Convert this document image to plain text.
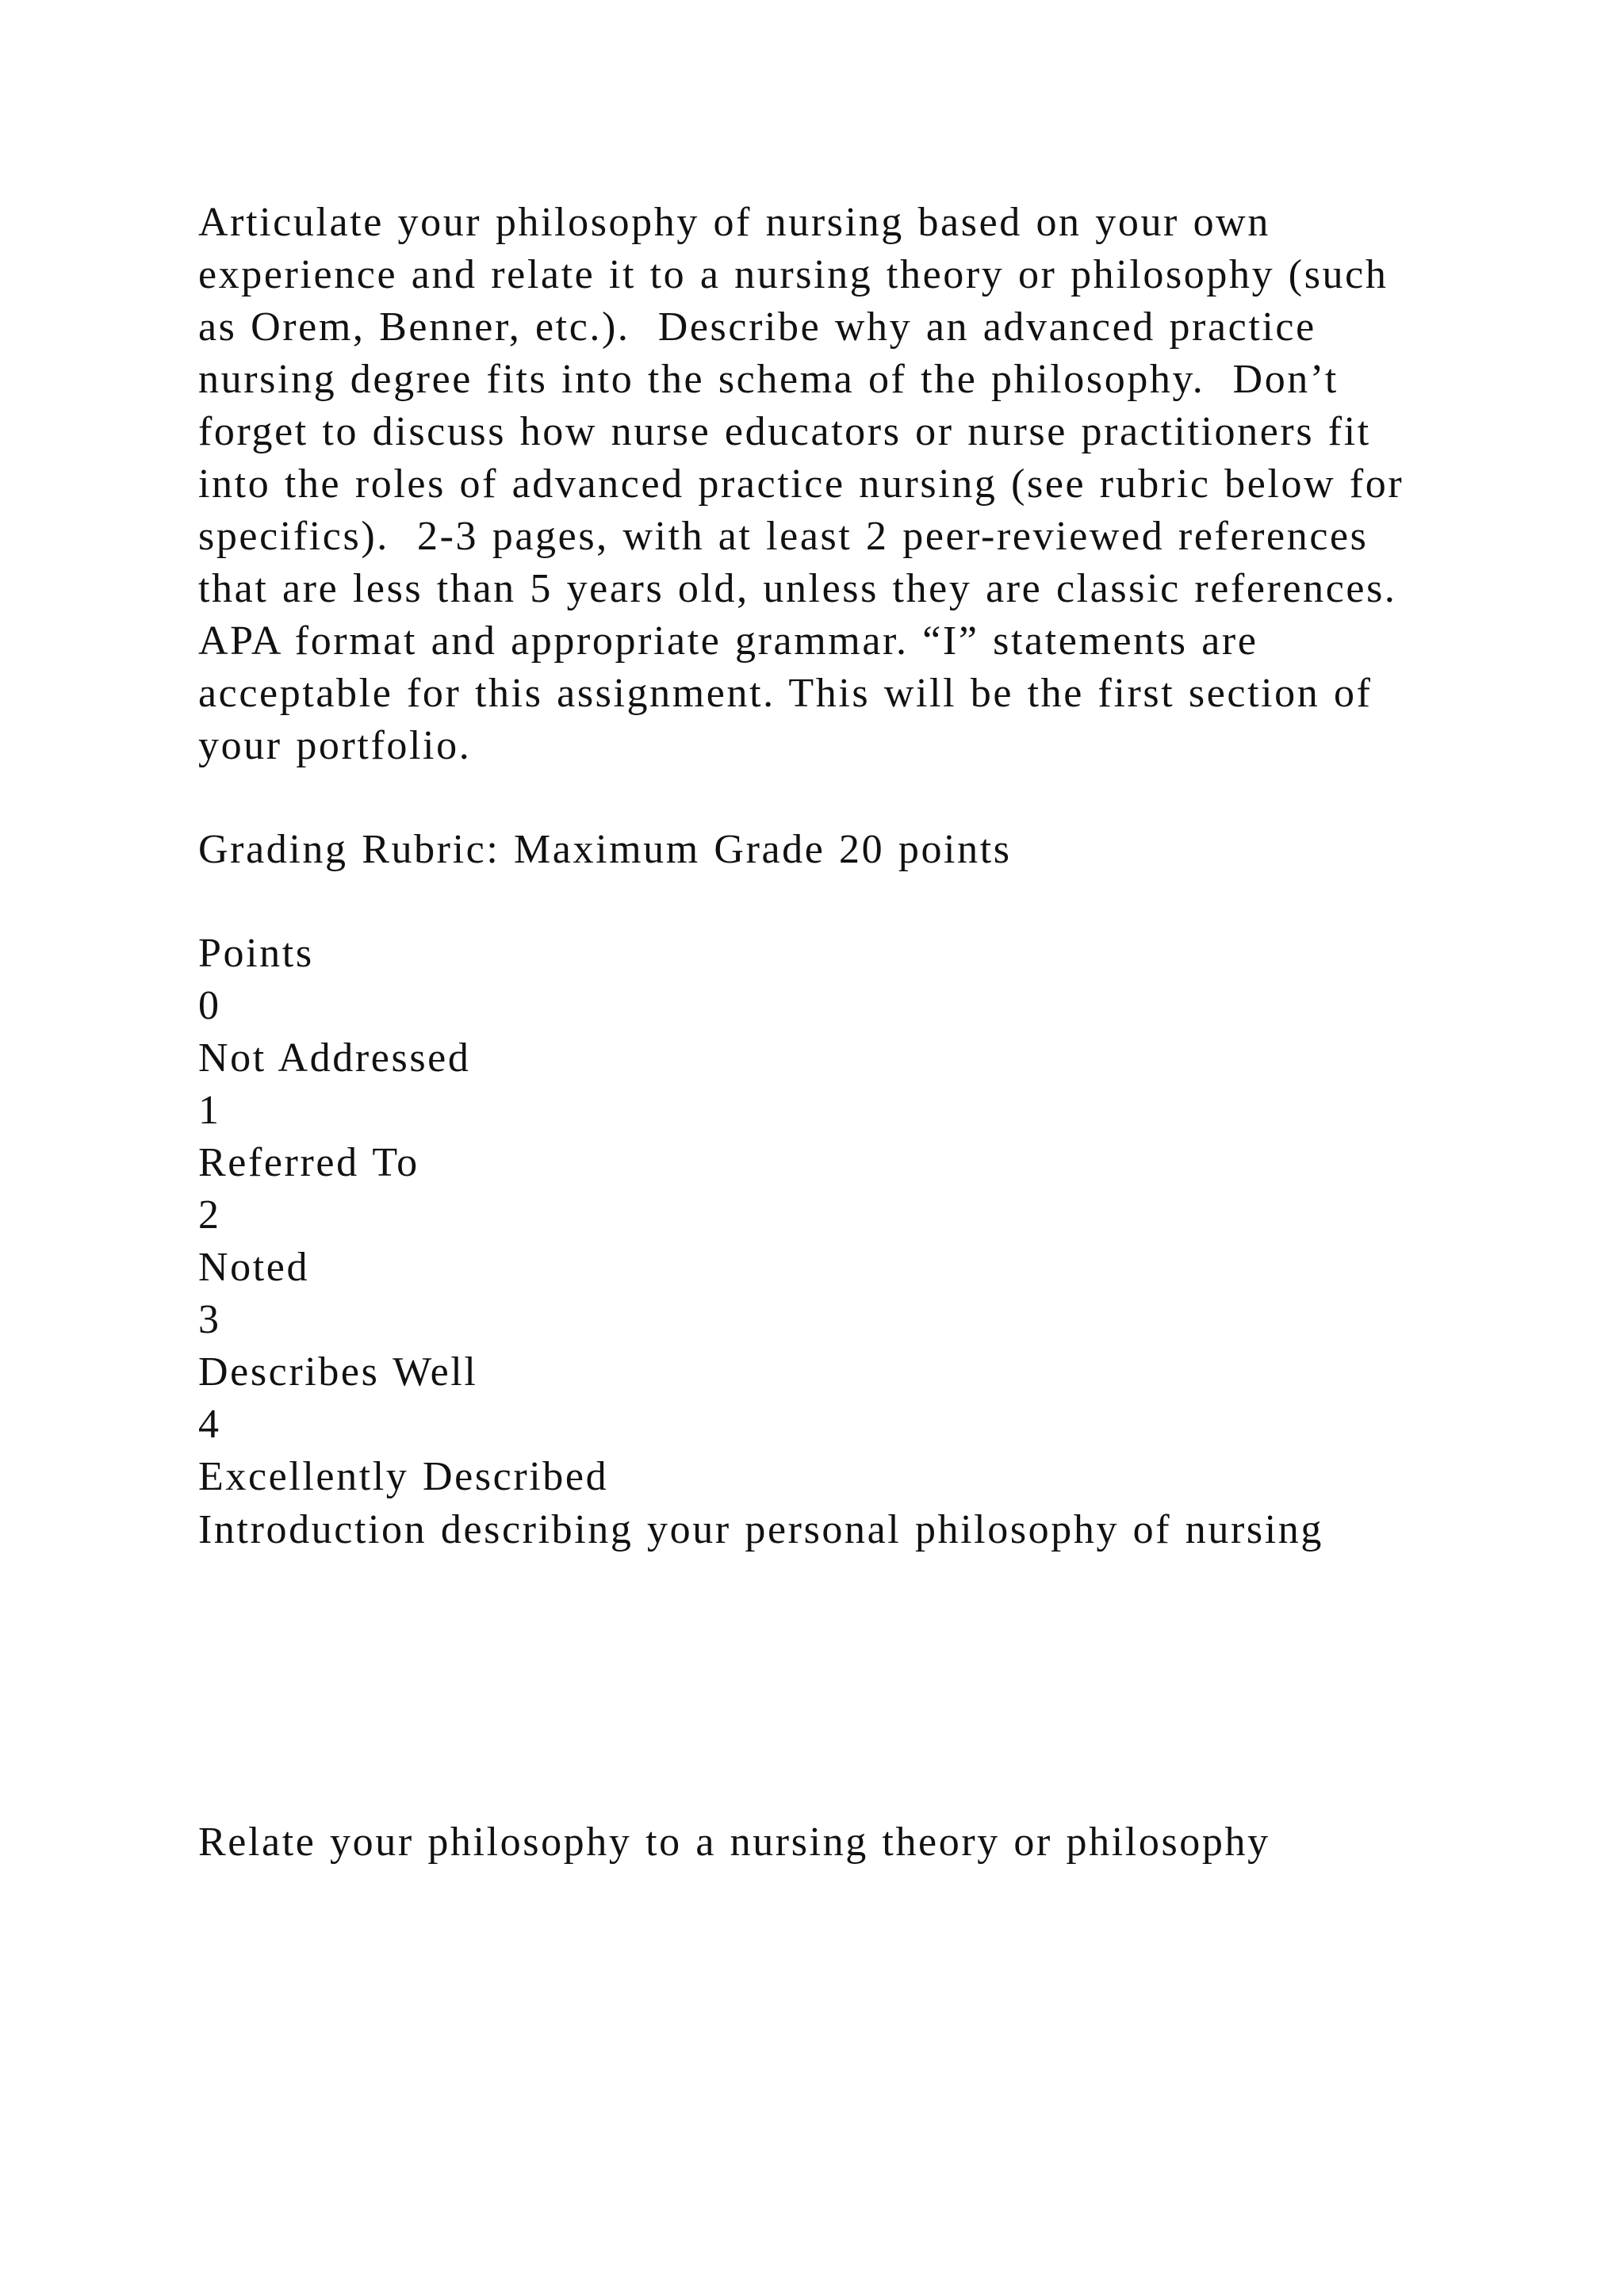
Articulate your philosophy of nursing based on your own
experience and relate it to a nursing theory or philosophy (such
as Orem, Benner, etc.).  Describe why an advanced practice
nursing degree fits into the schema of the philosophy.  Don’t
forget to discuss how nurse educators or nurse practitioners fit
into the roles of advanced practice nursing (see rubric below for
specifics).  2-3 pages, with at least 2 peer-reviewed references
that are less than 5 years old, unless they are classic references.
APA format and appropriate grammar. “I” statements are
acceptable for this assignment. This will be the first section of
your portfolio.
Grading Rubric: Maximum Grade 20 points
Points
0
Not Addressed
1
Referred To
2
Noted
3
Describes Well
4
Excellently Described
Introduction describing your personal philosophy of nursing
Relate your philosophy to a nursing theory or philosophy
